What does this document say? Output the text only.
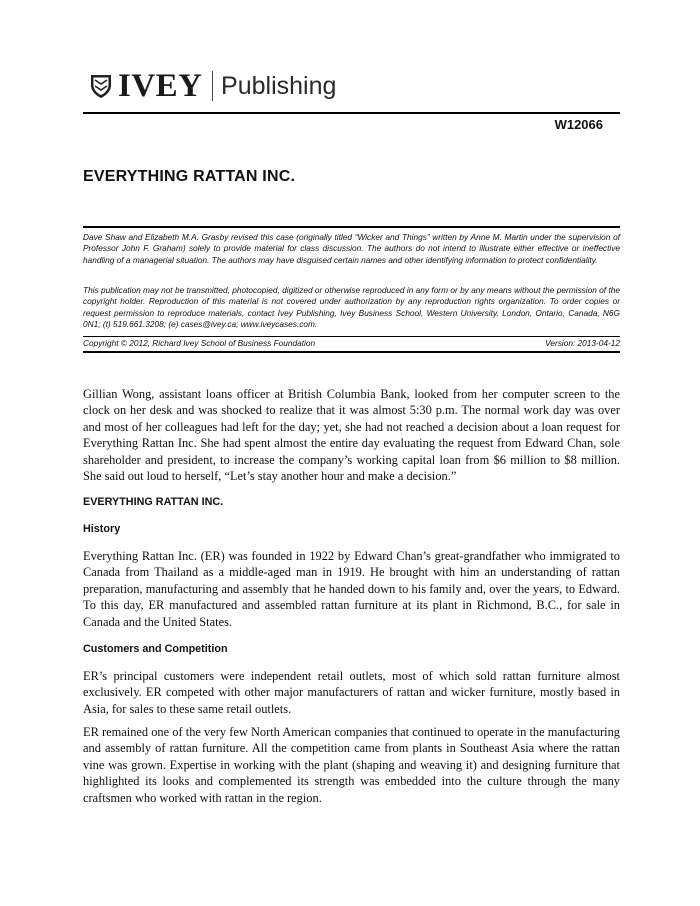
IVEY Publishing
W12066
EVERYTHING RATTAN INC.
Dave Shaw and Elizabeth M.A. Grasby revised this case (originally titled “Wicker and Things” written by Anne M. Martin under the supervision of Professor John F. Graham) solely to provide material for class discussion. The authors do not intend to illustrate either effective or ineffective handling of a managerial situation. The authors may have disguised certain names and other identifying information to protect confidentiality.
This publication may not be transmitted, photocopied, digitized or otherwise reproduced in any form or by any means without the permission of the copyright holder. Reproduction of this material is not covered under authorization by any reproduction rights organization. To order copies or request permission to reproduce materials, contact Ivey Publishing, Ivey Business School, Western University, London, Ontario, Canada, N6G 0N1; (t) 519.661.3208; (e) cases@ivey.ca; www.iveycases.com.
Copyright © 2012, Richard Ivey School of Business Foundation	Version: 2013-04-12
Gillian Wong, assistant loans officer at British Columbia Bank, looked from her computer screen to the clock on her desk and was shocked to realize that it was almost 5:30 p.m. The normal work day was over and most of her colleagues had left for the day; yet, she had not reached a decision about a loan request for Everything Rattan Inc. She had spent almost the entire day evaluating the request from Edward Chan, sole shareholder and president, to increase the company’s working capital loan from $6 million to $8 million. She said out loud to herself, “Let’s stay another hour and make a decision.”
EVERYTHING RATTAN INC.
History
Everything Rattan Inc. (ER) was founded in 1922 by Edward Chan’s great-grandfather who immigrated to Canada from Thailand as a middle-aged man in 1919. He brought with him an understanding of rattan preparation, manufacturing and assembly that he handed down to his family and, over the years, to Edward. To this day, ER manufactured and assembled rattan furniture at its plant in Richmond, B.C., for sale in Canada and the United States.
Customers and Competition
ER’s principal customers were independent retail outlets, most of which sold rattan furniture almost exclusively. ER competed with other major manufacturers of rattan and wicker furniture, mostly based in Asia, for sales to these same retail outlets.
ER remained one of the very few North American companies that continued to operate in the manufacturing and assembly of rattan furniture. All the competition came from plants in Southeast Asia where the rattan vine was grown. Expertise in working with the plant (shaping and weaving it) and designing furniture that highlighted its looks and complemented its strength was embedded into the culture through the many craftsmen who worked with rattan in the region.
